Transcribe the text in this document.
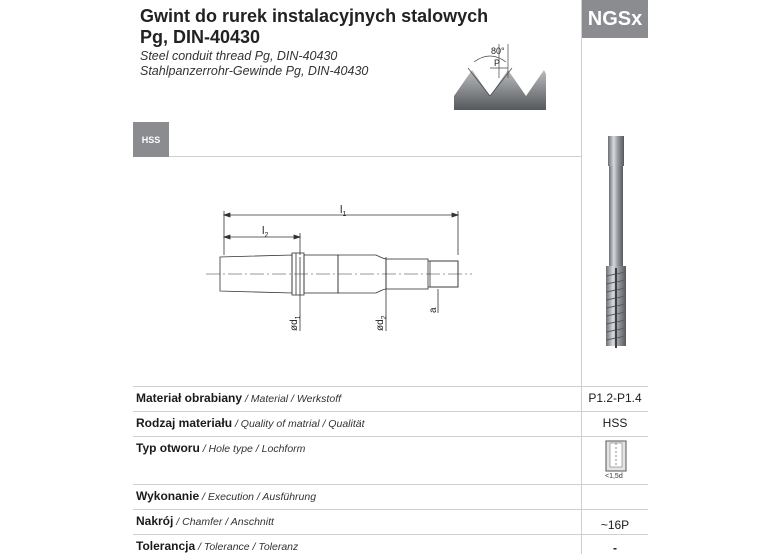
Gwint do rurek instalacyjnych stalowych
Pg, DIN-40430
Steel conduit thread Pg, DIN-40430
Stahlpanzerrohr-Gewinde Pg, DIN-40430
NGSx
80°
P
HSS
$l_1$
$l_2$
$ød_1$
$ød_2$
a
Materiał obrabiany / Material / Werkstoff	P1.2-P1.4
Rodzaj materiału / Quality of matrial / Qualität	HSS
Typ otworu / Hole type / Lochform
<1,5d
Wykonanie / Execution / Ausführung
Nakrój / Chamfer / Anschnitt	~16P
Tolerancja / Tolerance / Toleranz	-
